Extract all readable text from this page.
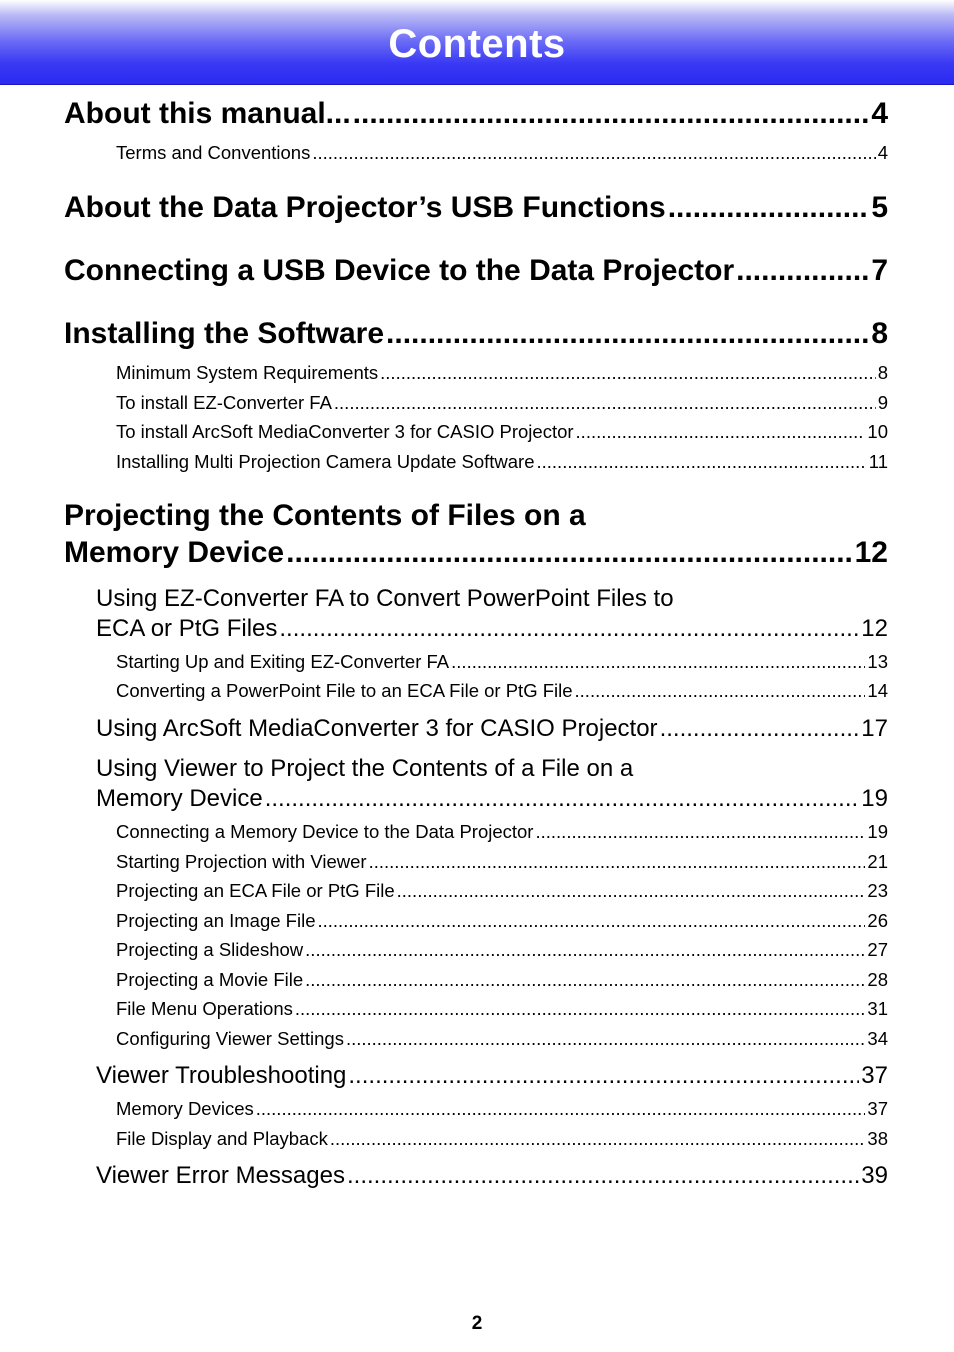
Contents
About this manual... .....	4
Terms and Conventions .....	4
About the Data Projector’s USB Functions .....	5
Connecting a USB Device to the Data Projector .....	7
Installing the Software .....	8
Minimum System Requirements .....	8
To install EZ-Converter FA .....	9
To install ArcSoft MediaConverter 3 for CASIO Projector .....	10
Installing Multi Projection Camera Update Software .....	11
Projecting the Contents of Files on a
Memory Device .....	12
Using EZ-Converter FA to Convert PowerPoint Files to
ECA or PtG Files .....	12
Starting Up and Exiting EZ-Converter FA .....	13
Converting a PowerPoint File to an ECA File or PtG File .....	14
Using ArcSoft MediaConverter 3 for CASIO Projector .....	17
Using Viewer to Project the Contents of a File on a
Memory Device .....	19
Connecting a Memory Device to the Data Projector .....	19
Starting Projection with Viewer .....	21
Projecting an ECA File or PtG File .....	23
Projecting an Image File .....	26
Projecting a Slideshow .....	27
Projecting a Movie File .....	28
File Menu Operations .....	31
Configuring Viewer Settings .....	34
Viewer Troubleshooting .....	37
Memory Devices .....	37
File Display and Playback .....	38
Viewer Error Messages .....	39
2
